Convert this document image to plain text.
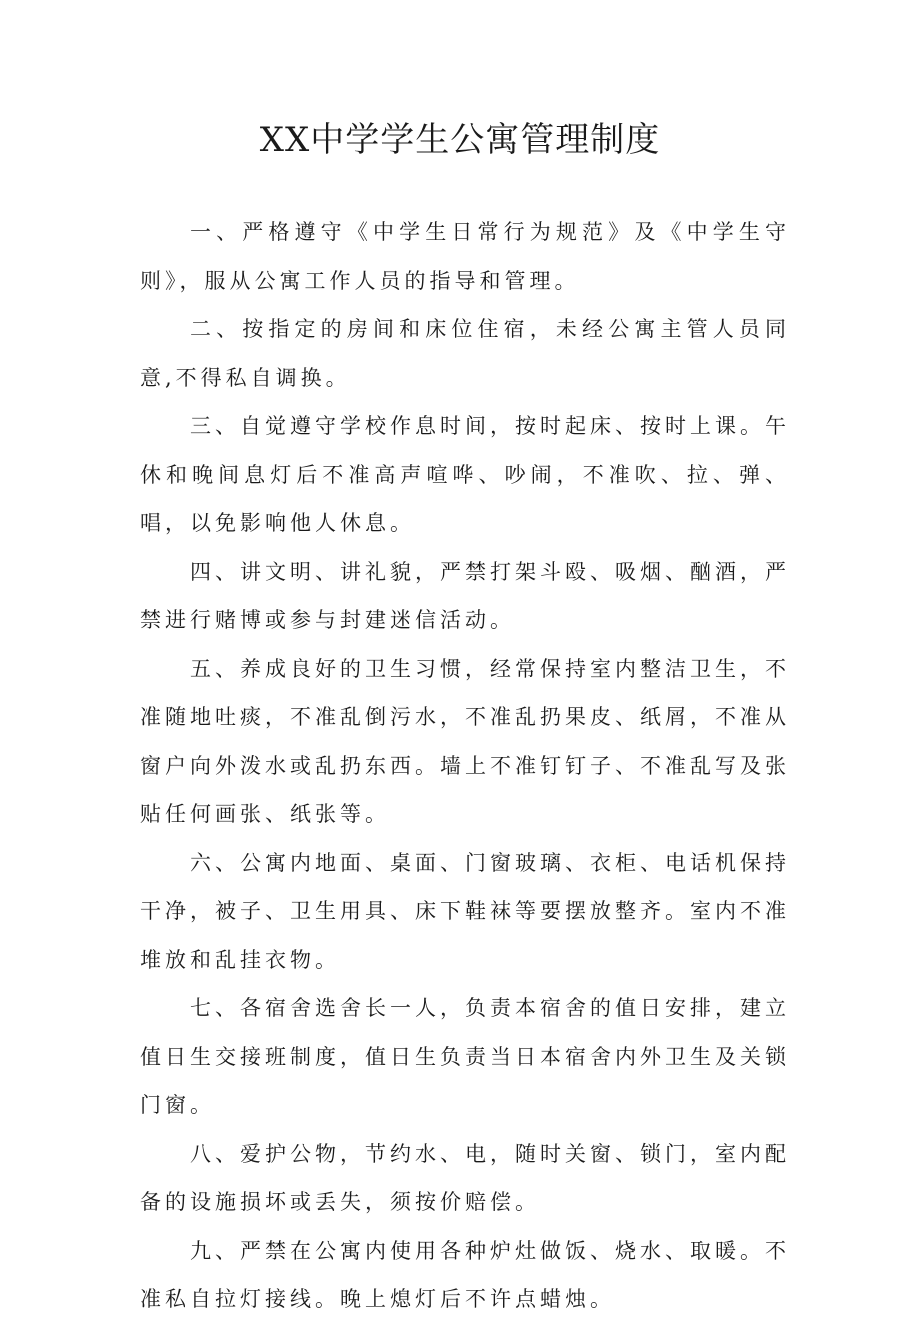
XX中学学生公寓管理制度

一、严格遵守《中学生日常行为规范》及《中学生守则》，服从公寓工作人员的指导和管理。

二、按指定的房间和床位住宿，未经公寓主管人员同意,不得私自调换。

三、自觉遵守学校作息时间，按时起床、按时上课。午休和晚间息灯后不准高声喧哗、吵闹，不准吹、拉、弹、唱，以免影响他人休息。

四、讲文明、讲礼貌，严禁打架斗殴、吸烟、酗酒，严禁进行赌博或参与封建迷信活动。

五、养成良好的卫生习惯，经常保持室内整洁卫生，不准随地吐痰，不准乱倒污水，不准乱扔果皮、纸屑，不准从窗户向外泼水或乱扔东西。墙上不准钉钉子、不准乱写及张贴任何画张、纸张等。

六、公寓内地面、桌面、门窗玻璃、衣柜、电话机保持干净，被子、卫生用具、床下鞋袜等要摆放整齐。室内不准堆放和乱挂衣物。

七、各宿舍选舍长一人，负责本宿舍的值日安排，建立值日生交接班制度，值日生负责当日本宿舍内外卫生及关锁门窗。

八、爱护公物，节约水、电，随时关窗、锁门，室内配备的设施损坏或丢失，须按价赔偿。

九、严禁在公寓内使用各种炉灶做饭、烧水、取暖。不准私自拉灯接线。晚上熄灯后不许点蜡烛。
